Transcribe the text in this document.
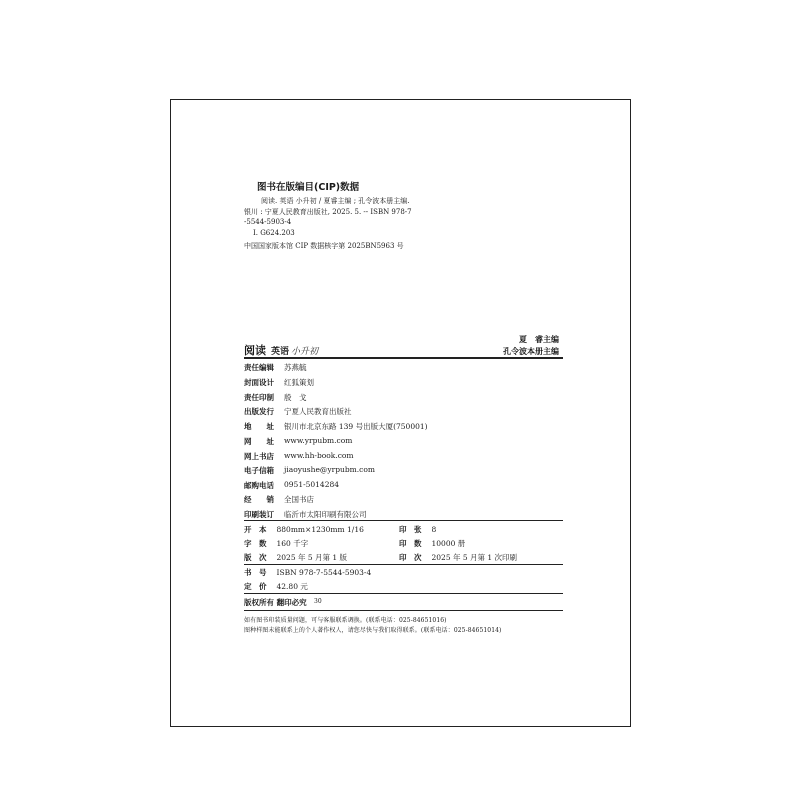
图书在版编目(CIP)数据
阅读. 英语 小升初 / 夏睿主编 ; 孔令波本册主编.
银川 : 宁夏人民教育出版社, 2025. 5. -- ISBN 978-7
-5544-5903-4
Ⅰ. G624.203
中国国家版本馆 CIP 数据核字第 2025BN5963 号
夏　睿主编
孔令波本册主编
阅读 英语 小升初
责任编辑 苏燕毓
封面设计 红狐策划
责任印制 殷　戈
出版发行 宁夏人民教育出版社
地　　址 银川市北京东路 139 号出版大厦(750001)
网　　址 www.yrpubm.com
网上书店 www.hh-book.com
电子信箱 jiaoyushe@yrpubm.com
邮购电话 0951-5014284
经　　销 全国书店
印刷装订 临沂市太阳印刷有限公司
开　本 880mm×1230mm 1/16	印　张 8
字　数 160 千字	印　数 10000 册
版　次 2025 年 5 月第 1 版	印　次 2025 年 5 月第 1 次印刷
书　号 ISBN 978-7-5544-5903-4
定　价 42.80 元
版权所有 翻印必究 30
如有图书印装质量问题，可与客服联系调换。(联系电话：025-84651016)
图种样图未能联系上的个人著作权人，请您尽快与我们取得联系。(联系电话：025-84651014)
